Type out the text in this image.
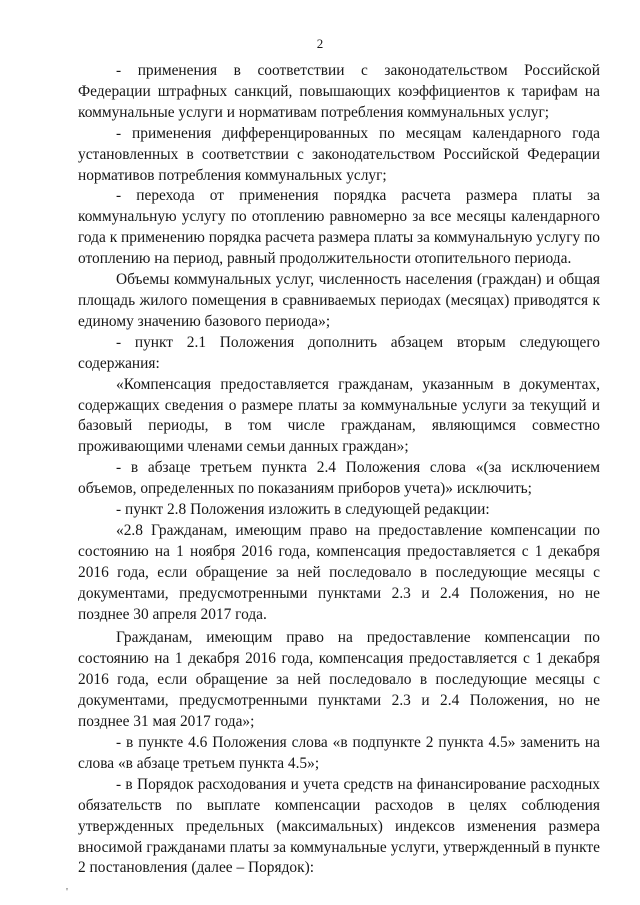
2

- применения в соответствии с законодательством Российской Федерации штрафных санкций, повышающих коэффициентов к тарифам на коммунальные услуги и нормативам потребления коммунальных услуг;

- применения дифференцированных по месяцам календарного года установленных в соответствии с законодательством Российской Федерации нормативов потребления коммунальных услуг;

- перехода от применения порядка расчета размера платы за коммунальную услугу по отоплению равномерно за все месяцы календарного года к применению порядка расчета размера платы за коммунальную услугу по отоплению на период, равный продолжительности отопительного периода.

Объемы коммунальных услуг, численность населения (граждан) и общая площадь жилого помещения в сравниваемых периодах (месяцах) приводятся к единому значению базового периода»;

- пункт 2.1 Положения дополнить абзацем вторым следующего содержания:

«Компенсация предоставляется гражданам, указанным в документах, содержащих сведения о размере платы за коммунальные услуги за текущий и базовый периоды, в том числе гражданам, являющимся совместно проживающими членами семьи данных граждан»;

- в абзаце третьем пункта 2.4 Положения слова «(за исключением объемов, определенных по показаниям приборов учета)» исключить;

- пункт 2.8 Положения изложить в следующей редакции:

«2.8 Гражданам, имеющим право на предоставление компенсации по состоянию на 1 ноября 2016 года, компенсация предоставляется с 1 декабря 2016 года, если обращение за ней последовало в последующие месяцы с документами, предусмотренными пунктами 2.3 и 2.4 Положения, но не позднее 30 апреля 2017 года.

Гражданам, имеющим право на предоставление компенсации по состоянию на 1 декабря 2016 года, компенсация предоставляется с 1 декабря 2016 года, если обращение за ней последовало в последующие месяцы с документами, предусмотренными пунктами 2.3 и 2.4 Положения, но не позднее 31 мая 2017 года»;

- в пункте 4.6 Положения слова «в подпункте 2 пункта 4.5» заменить на слова «в абзаце третьем пункта 4.5»;

- в Порядок расходования и учета средств на финансирование расходных обязательств по выплате компенсации расходов в целях соблюдения утвержденных предельных (максимальных) индексов изменения размера вносимой гражданами платы за коммунальные услуги, утвержденный в пункте 2 постановления (далее – Порядок):

'
